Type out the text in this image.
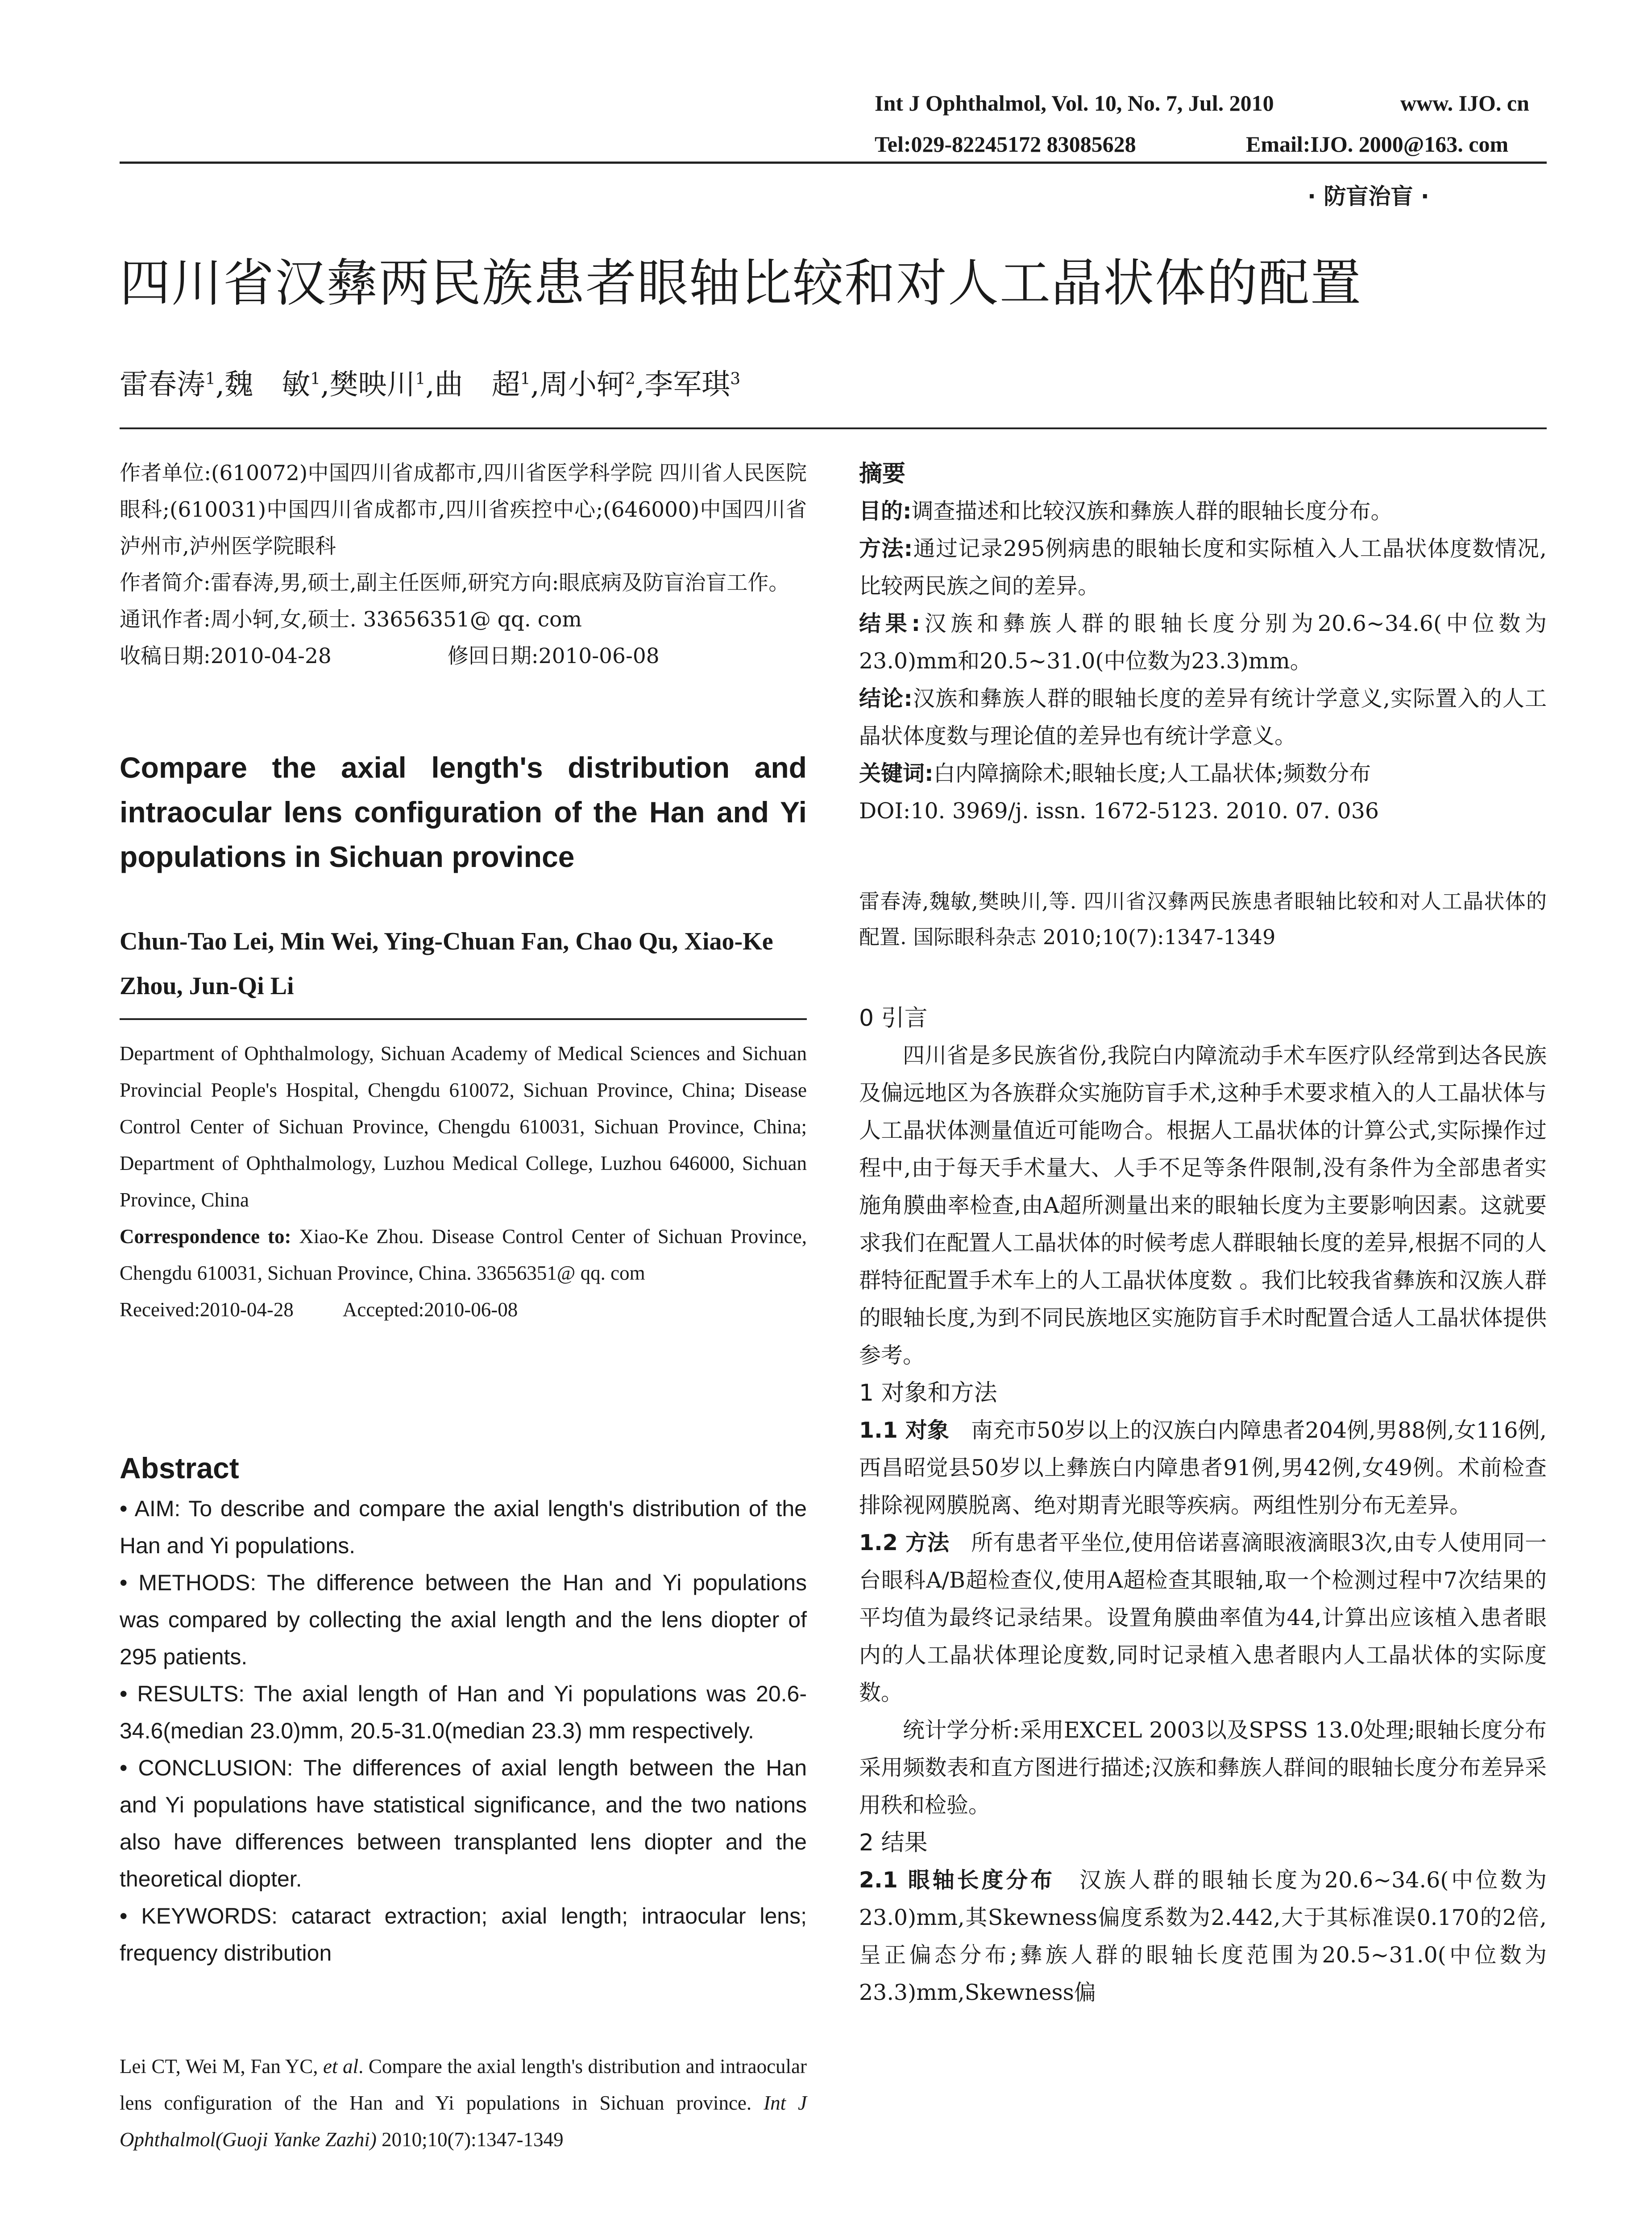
Int J Ophthalmol, Vol. 10, No. 7, Jul. 2010	www. IJO. cn
Tel:029-82245172 83085628	Email:IJO. 2000@163. com
· 防盲治盲 ·
四川省汉彝两民族患者眼轴比较和对人工晶状体的配置
雷春涛$^1$,魏　敏$^1$,樊映川$^1$,曲　超$^1$,周小轲$^2$,李军琪$^3$

作者单位:(610072)中国四川省成都市,四川省医学科学院 四川省人民医院眼科;(610031)中国四川省成都市,四川省疾控中心;(646000)中国四川省泸州市,泸州医学院眼科

作者简介:雷春涛,男,硕士,副主任医师,研究方向:眼底病及防盲治盲工作。

通讯作者:周小轲,女,硕士. 33656351@ qq. com

收稿日期:2010-04-28	修回日期:2010-06-08

Compare the axial length's distribution and intraocular lens configuration of the Han and Yi populations in Sichuan province
Chun-Tao Lei, Min Wei, Ying-Chuan Fan, Chao Qu, Xiao-Ke Zhou, Jun-Qi Li

Department of Ophthalmology, Sichuan Academy of Medical Sciences and Sichuan Provincial People's Hospital, Chengdu 610072, Sichuan Province, China; Disease Control Center of Sichuan Province, Chengdu 610031, Sichuan Province, China; Department of Ophthalmology, Luzhou Medical College, Luzhou 646000, Sichuan Province, China

Correspondence to: Xiao-Ke Zhou. Disease Control Center of Sichuan Province, Chengdu 610031, Sichuan Province, China. 33656351@ qq. com

Received:2010-04-28 Accepted:2010-06-08

Abstract

• AIM: To describe and compare the axial length's distribution of the Han and Yi populations.

• METHODS: The difference between the Han and Yi populations was compared by collecting the axial length and the lens diopter of 295 patients.

• RESULTS: The axial length of Han and Yi populations was 20.6-34.6(median 23.0)mm, 20.5-31.0(median 23.3) mm respectively.

• CONCLUSION: The differences of axial length between the Han and Yi populations have statistical significance, and the two nations also have differences between transplanted lens diopter and the theoretical diopter.

• KEYWORDS: cataract extraction; axial length; intraocular lens; frequency distribution

Lei CT, Wei M, Fan YC, et al. Compare the axial length's distribution and intraocular lens configuration of the Han and Yi populations in Sichuan province. Int J Ophthalmol(Guoji Yanke Zazhi) 2010;10(7):1347-1349
摘要

目的:调查描述和比较汉族和彝族人群的眼轴长度分布。

方法:通过记录295例病患的眼轴长度和实际植入人工晶状体度数情况,比较两民族之间的差异。

结果:汉族和彝族人群的眼轴长度分别为20.6~34.6(中位数为23.0)mm和20.5~31.0(中位数为23.3)mm。

结论:汉族和彝族人群的眼轴长度的差异有统计学意义,实际置入的人工晶状体度数与理论值的差异也有统计学意义。

关键词:白内障摘除术;眼轴长度;人工晶状体;频数分布

DOI:10. 3969/j. issn. 1672-5123. 2010. 07. 036

雷春涛,魏敏,樊映川,等. 四川省汉彝两民族患者眼轴比较和对人工晶状体的配置. 国际眼科杂志 2010;10(7):1347-1349
0 引言

四川省是多民族省份,我院白内障流动手术车医疗队经常到达各民族及偏远地区为各族群众实施防盲手术,这种手术要求植入的人工晶状体与人工晶状体测量值近可能吻合。根据人工晶状体的计算公式,实际操作过程中,由于每天手术量大、人手不足等条件限制,没有条件为全部患者实施角膜曲率检查,由A超所测量出来的眼轴长度为主要影响因素。这就要求我们在配置人工晶状体的时候考虑人群眼轴长度的差异,根据不同的人群特征配置手术车上的人工晶状体度数 。我们比较我省彝族和汉族人群的眼轴长度,为到不同民族地区实施防盲手术时配置合适人工晶状体提供参考。

1 对象和方法

1.1 对象　 南充市50岁以上的汉族白内障患者204例,男88例,女116例,西昌昭觉县50岁以上彝族白内障患者91例,男42例,女49例。术前检查排除视网膜脱离、绝对期青光眼等疾病。两组性别分布无差异。

1.2 方法　 所有患者平坐位,使用倍诺喜滴眼液滴眼3次,由专人使用同一台眼科A/B超检查仪,使用A超检查其眼轴,取一个检测过程中7次结果的平均值为最终记录结果。设置角膜曲率值为44,计算出应该植入患者眼内的人工晶状体理论度数,同时记录植入患者眼内人工晶状体的实际度数。

统计学分析:采用EXCEL 2003以及SPSS 13.0处理;眼轴长度分布采用频数表和直方图进行描述;汉族和彝族人群间的眼轴长度分布差异采用秩和检验。

2 结果

2.1 眼轴长度分布　 汉族人群的眼轴长度为20.6~34.6(中位数为23.0)mm,其Skewness偏度系数为2.442,大于其标准误0.170的2倍,呈正偏态分布;彝族人群的眼轴长度范围为20.5~31.0(中位数为23.3)mm,Skewness偏
